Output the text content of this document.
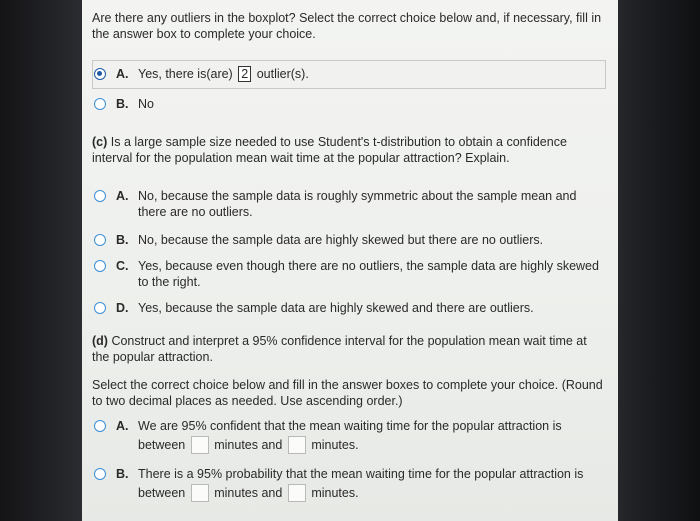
Are there any outliers in the boxplot? Select the correct choice below and, if necessary, fill in the answer box to complete your choice.
A. Yes, there is(are) 2 outlier(s).
B. No
(c) Is a large sample size needed to use Student's t-distribution to obtain a confidence interval for the population mean wait time at the popular attraction? Explain.
A. No, because the sample data is roughly symmetric about the sample mean and there are no outliers.
B. No, because the sample data are highly skewed but there are no outliers.
C. Yes, because even though there are no outliers, the sample data are highly skewed to the right.
D. Yes, because the sample data are highly skewed and there are outliers.
(d) Construct and interpret a 95% confidence interval for the population mean wait time at the popular attraction.
Select the correct choice below and fill in the answer boxes to complete your choice. (Round to two decimal places as needed. Use ascending order.)
A. We are 95% confident that the mean waiting time for the popular attraction is
between minutes and minutes.
B. There is a 95% probability that the mean waiting time for the popular attraction is
between minutes and minutes.
